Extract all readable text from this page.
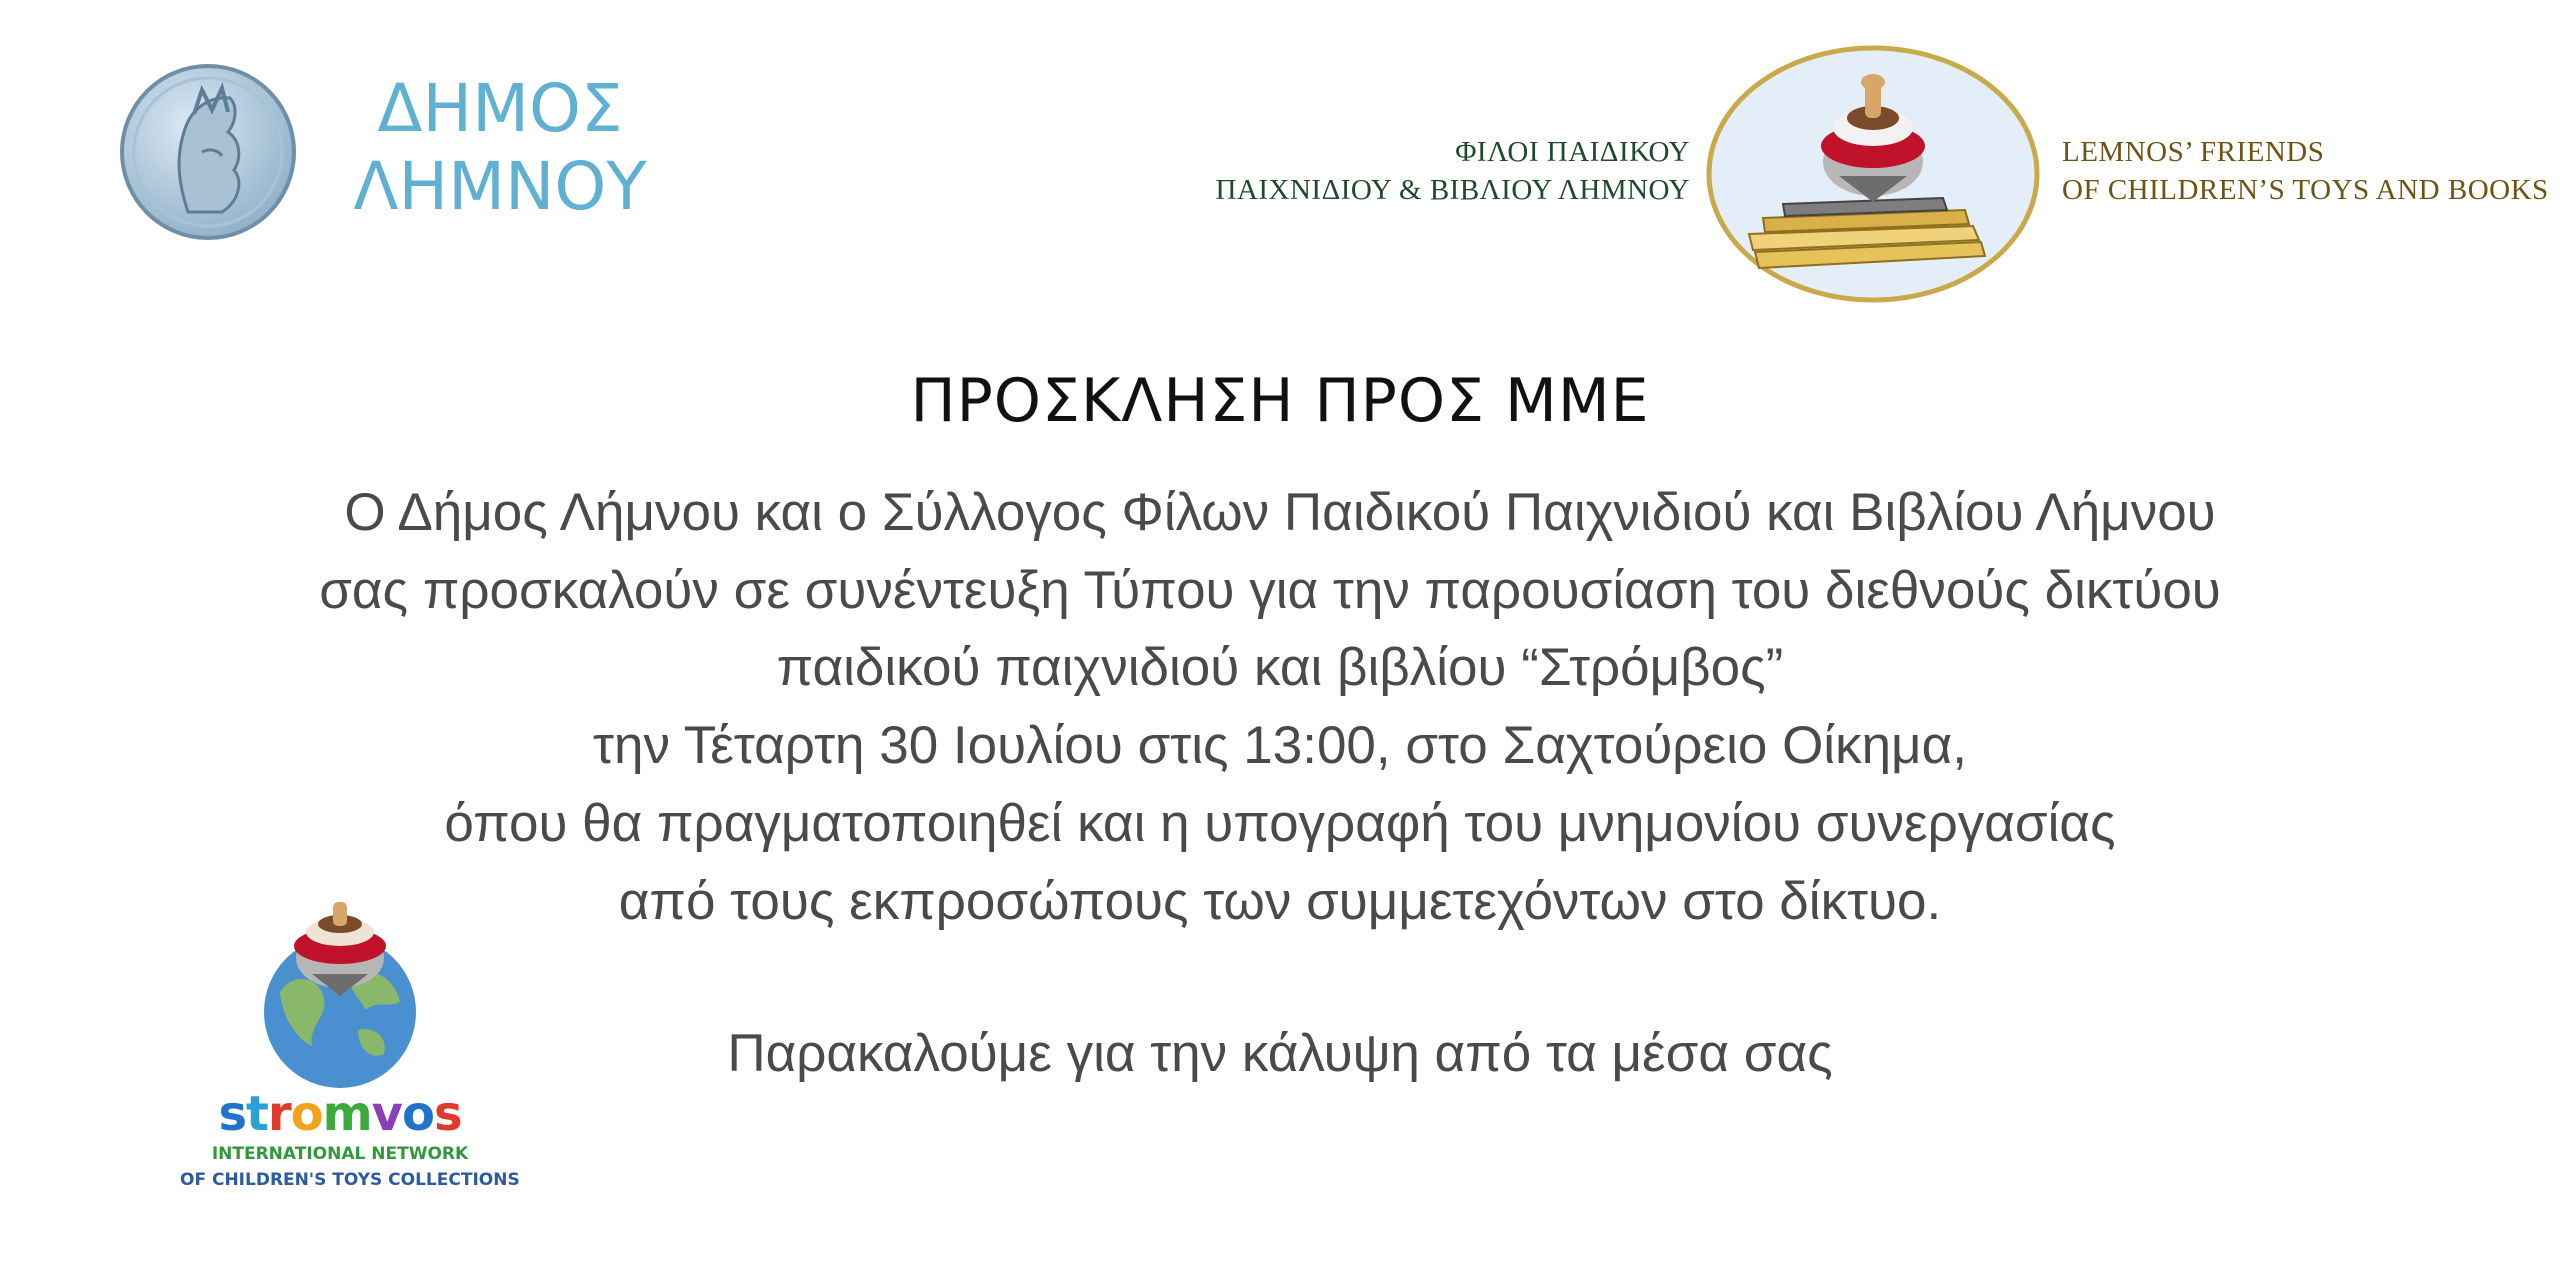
ΔΗΜΟΣ
ΛΗΜΝΟΥ	ΦΙΛΟΙ ΠΑΙΔΙΚΟΥ
ΠΑΙΧΝΙΔΙΟΥ & ΒΙΒΛΙΟΥ ΛΗΜΝΟΥ
LEMNOS’ FRIENDS
OF CHILDREN’S TOYS AND BOOKS
ΠΡΟΣΚΛΗΣΗ ΠΡΟΣ ΜΜΕ
Ο Δήμος Λήμνου και ο Σύλλογος Φίλων Παιδικού Παιχνιδιού και Βιβλίου Λήμνου
σας προσκαλούν σε συνέντευξη Τύπου για την παρουσίαση του διεθνούς δικτύου
παιδικού παιχνιδιού και βιβλίου “Στρόμβος”
την Τέταρτη 30 Ιουλίου στις 13:00, στο Σαχτούρειο Οίκημα,
όπου θα πραγματοποιηθεί και η υπογραφή του μνημονίου συνεργασίας
από τους εκπροσώπους των συμμετεχόντων στο δίκτυο.
Παρακαλούμε για την κάλυψη από τα μέσα σας
stromvos
INTERNATIONAL NETWORK
OF CHILDREN'S TOYS COLLECTIONS
